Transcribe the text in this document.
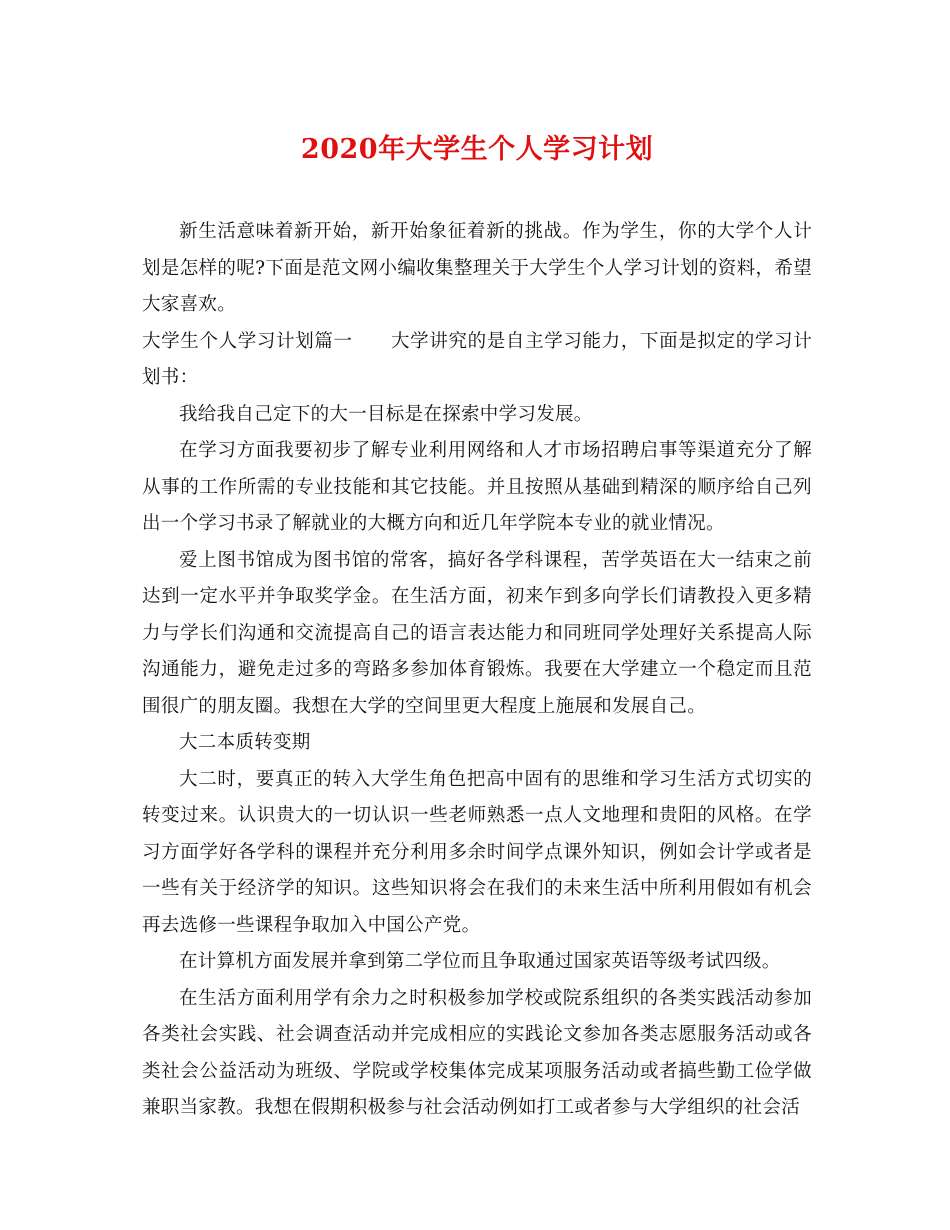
2020年大学生个人学习计划

新生活意味着新开始，新开始象征着新的挑战。作为学生，你的大学个人计划是怎样的呢?下面是范文网小编收集整理关于大学生个人学习计划的资料，希望大家喜欢。

大学生个人学习计划篇一 大学讲究的是自主学习能力，下面是拟定的学习计划书：

我给我自己定下的大一目标是在探索中学习发展。

在学习方面我要初步了解专业利用网络和人才市场招聘启事等渠道充分了解从事的工作所需的专业技能和其它技能。并且按照从基础到精深的顺序给自己列出一个学习书录了解就业的大概方向和近几年学院本专业的就业情况。

爱上图书馆成为图书馆的常客，搞好各学科课程，苦学英语在大一结束之前达到一定水平并争取奖学金。在生活方面，初来乍到多向学长们请教投入更多精力与学长们沟通和交流提高自己的语言表达能力和同班同学处理好关系提高人际沟通能力，避免走过多的弯路多参加体育锻炼。我要在大学建立一个稳定而且范围很广的朋友圈。我想在大学的空间里更大程度上施展和发展自己。

大二本质转变期

大二时，要真正的转入大学生角色把高中固有的思维和学习生活方式切实的转变过来。认识贵大的一切认识一些老师熟悉一点人文地理和贵阳的风格。在学习方面学好各学科的课程并充分利用多余时间学点课外知识，例如会计学或者是一些有关于经济学的知识。这些知识将会在我们的未来生活中所利用假如有机会再去选修一些课程争取加入中国公产党。

在计算机方面发展并拿到第二学位而且争取通过国家英语等级考试四级。

在生活方面利用学有余力之时积极参加学校或院系组织的各类实践活动参加各类社会实践、社会调查活动并完成相应的实践论文参加各类志愿服务活动或各类社会公益活动为班级、学院或学校集体完成某项服务活动或者搞些勤工俭学做兼职当家教。我想在假期积极参与社会活动例如打工或者参与大学组织的社会活
